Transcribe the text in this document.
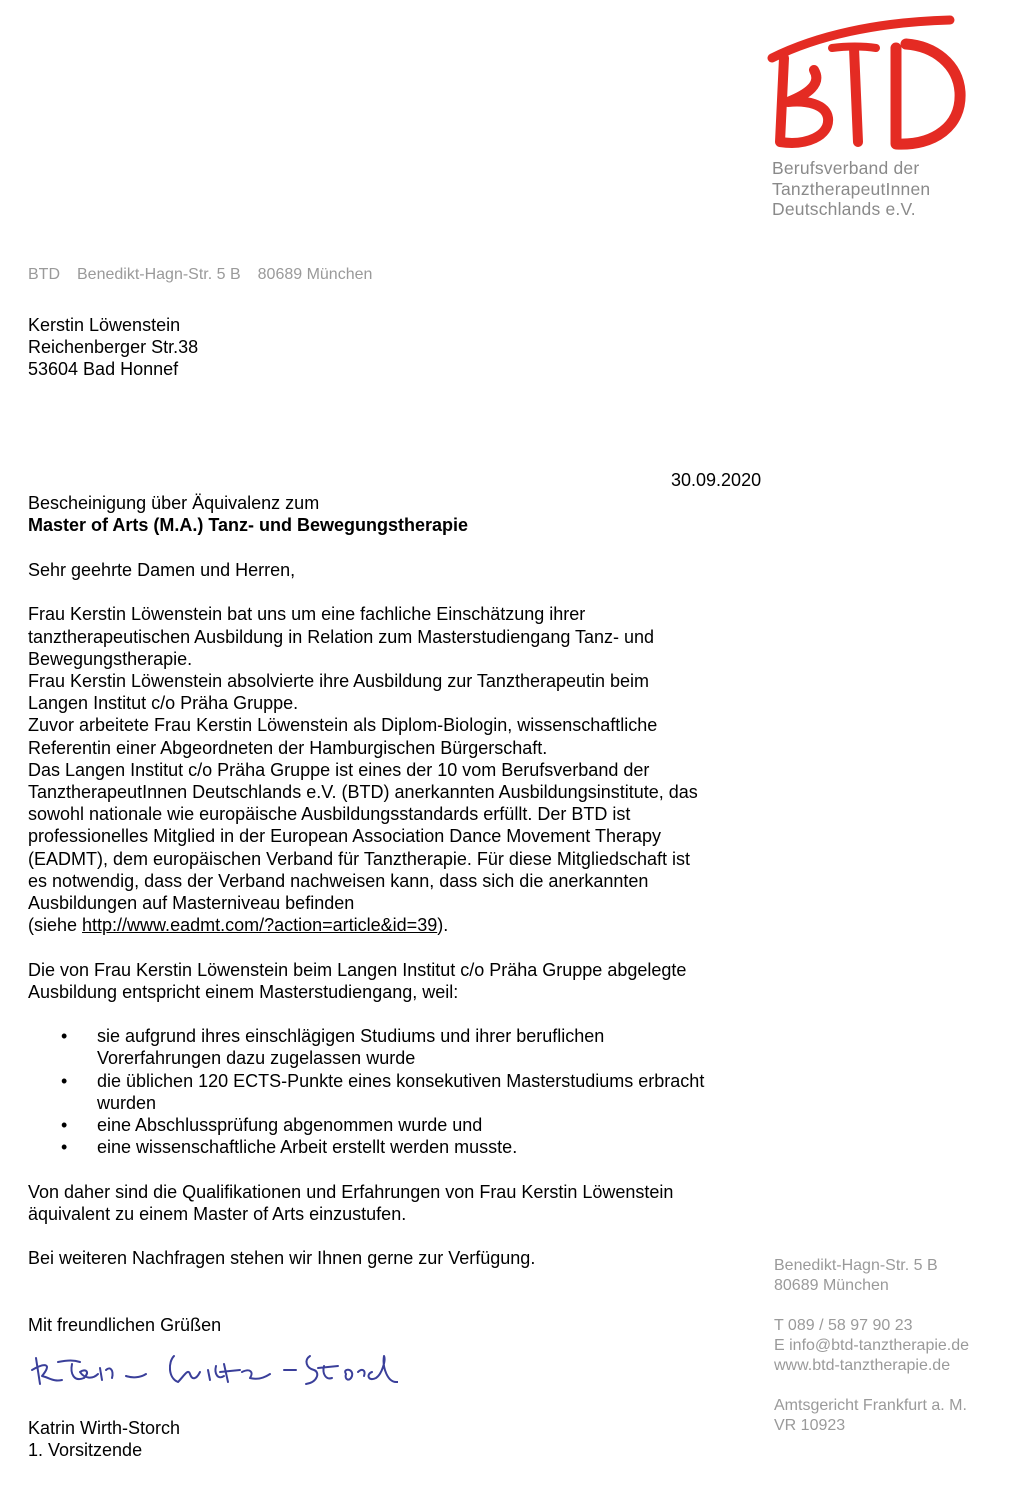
Berufsverband der
TanztherapeutInnen
Deutschlands e.V.
BTD Benedikt-Hagn-Str. 5 B 80689 München
Kerstin Löwenstein
Reichenberger Str.38
53604 Bad Honnef
30.09.2020
Bescheinigung über Äquivalenz zum
Master of Arts (M.A.) Tanz- und Bewegungstherapie

Sehr geehrte Damen und Herren,

Frau Kerstin Löwenstein bat uns um eine fachliche Einschätzung ihrer

tanztherapeutischen Ausbildung in Relation zum Masterstudiengang Tanz- und

Bewegungstherapie.

Frau Kerstin Löwenstein absolvierte ihre Ausbildung zur Tanztherapeutin beim

Langen Institut c/o Präha Gruppe.

Zuvor arbeitete Frau Kerstin Löwenstein als Diplom-Biologin, wissenschaftliche

Referentin einer Abgeordneten der Hamburgischen Bürgerschaft.

Das Langen Institut c/o Präha Gruppe ist eines der 10 vom Berufsverband der

TanztherapeutInnen Deutschlands e.V. (BTD) anerkannten Ausbildungsinstitute, das

sowohl nationale wie europäische Ausbildungsstandards erfüllt. Der BTD ist

professionelles Mitglied in der European Association Dance Movement Therapy

(EADMT), dem europäischen Verband für Tanztherapie. Für diese Mitgliedschaft ist

es notwendig, dass der Verband nachweisen kann, dass sich die anerkannten

Ausbildungen auf Masterniveau befinden

(siehe http://www.eadmt.com/?action=article&id=39).

Die von Frau Kerstin Löwenstein beim Langen Institut c/o Präha Gruppe abgelegte

Ausbildung entspricht einem Masterstudiengang, weil:

• sie aufgrund ihres einschlägigen Studiums und ihrer beruflichen

Vorerfahrungen dazu zugelassen wurde

• die üblichen 120 ECTS-Punkte eines konsekutiven Masterstudiums erbracht

wurden

• eine Abschlussprüfung abgenommen wurde und

• eine wissenschaftliche Arbeit erstellt werden musste.

Von daher sind die Qualifikationen und Erfahrungen von Frau Kerstin Löwenstein

äquivalent zu einem Master of Arts einzustufen.

Bei weiteren Nachfragen stehen wir Ihnen gerne zur Verfügung.

Mit freundlichen Grüßen

Katrin Wirth-Storch
1. Vorsitzende
Benedikt-Hagn-Str. 5 B
80689 München
T 089 / 58 97 90 23
E info@btd-tanztherapie.de
www.btd-tanztherapie.de
Amtsgericht Frankfurt a. M.
VR 10923
